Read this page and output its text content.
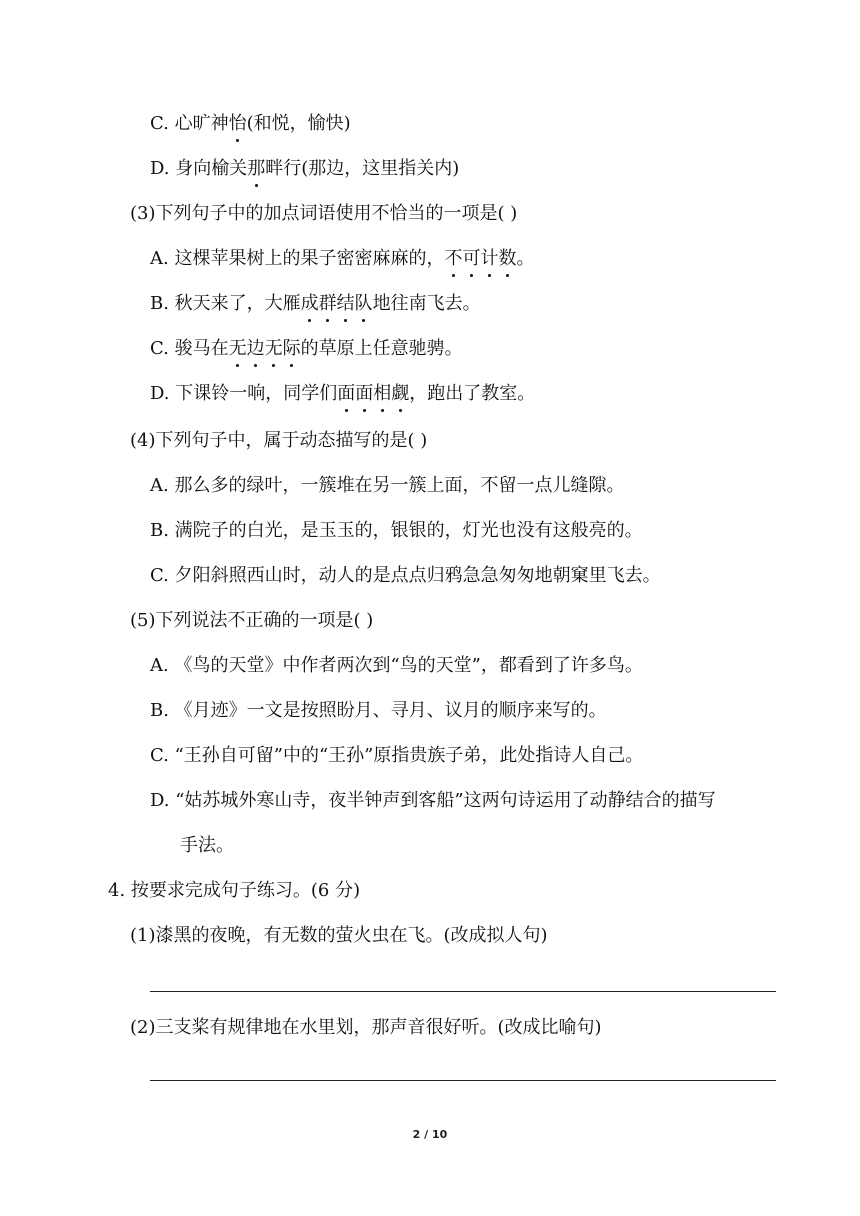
C. 心旷神怡(和悦，愉快)
D. 身向榆关那畔行(那边，这里指关内)
(3)下列句子中的加点词语使用不恰当的一项是( )
A. 这棵苹果树上的果子密密麻麻的，不可计数。
B. 秋天来了，大雁成群结队地往南飞去。
C. 骏马在无边无际的草原上任意驰骋。
D. 下课铃一响，同学们面面相觑，跑出了教室。
(4)下列句子中，属于动态描写的是( )
A. 那么多的绿叶，一簇堆在另一簇上面，不留一点儿缝隙。
B. 满院子的白光，是玉玉的，银银的，灯光也没有这般亮的。
C. 夕阳斜照西山时，动人的是点点归鸦急急匆匆地朝窠里飞去。
(5)下列说法不正确的一项是( )
A. 《鸟的天堂》中作者两次到“鸟的天堂”，都看到了许多鸟。
B. 《月迹》一文是按照盼月、寻月、议月的顺序来写的。
C. “王孙自可留”中的“王孙”原指贵族子弟，此处指诗人自己。
D. “姑苏城外寒山寺，夜半钟声到客船”这两句诗运用了动静结合的描写
手法。
4. 按要求完成句子练习。(6 分)
(1)漆黑的夜晚，有无数的萤火虫在飞。(改成拟人句)
(2)三支桨有规律地在水里划，那声音很好听。(改成比喻句)
2 / 10
